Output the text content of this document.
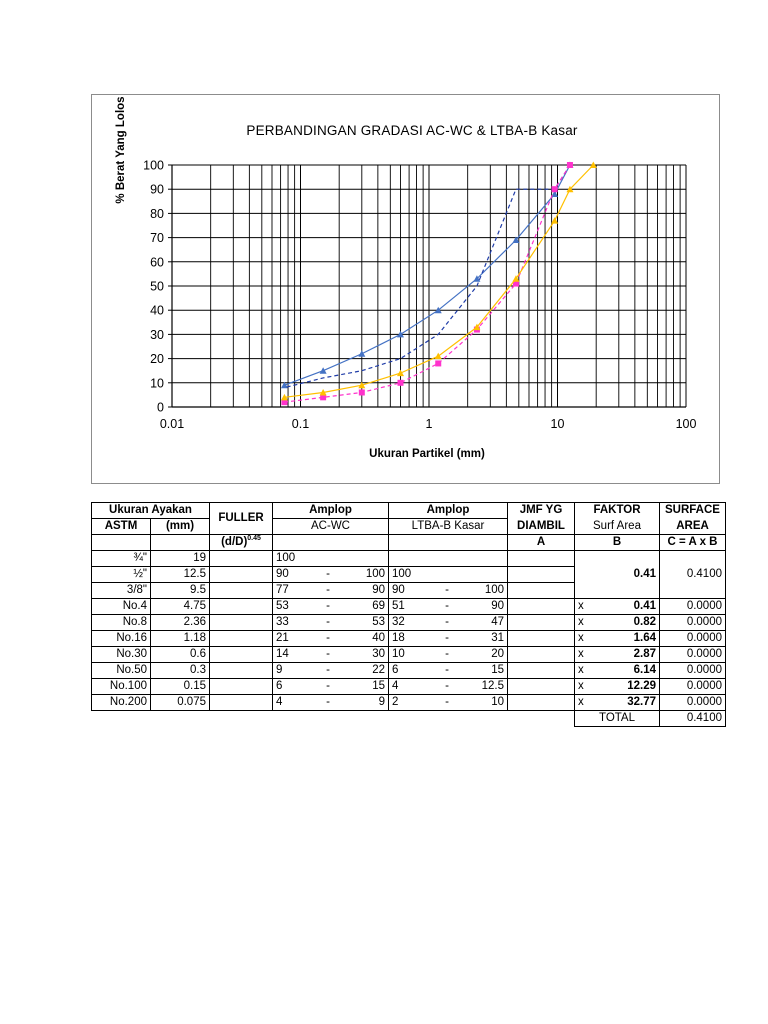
PERBANDINGAN GRADASI AC-WC & LTBA-B Kasar
% Berat Yang Lolos
Ukuran Partikel (mm)
0
10
20
30
40
50
60
70
80
90
100
0.01	0.1	1	10	100
Ukuran Ayakan		FULLER	Amplop			Amplop			JMF YG	FAKTOR	SURFACE
ASTM	(mm)		AC-WC			LTBA-B Kasar			DIAMBIL	Surf Area	AREA
		$(d/D)^{0.45}$							A	B	C = A x B
¾"	19		100							0.41	0.4100
½"	12.5		90	-	100	100					
3/8"	9.5		77	-	90	90	-	100			
No.4	4.75		53	-	69	51	-	90		x 0.41	0.0000
No.8	2.36		33	-	53	32	-	47		x 0.82	0.0000
No.16	1.18		21	-	40	18	-	31		x 1.64	0.0000
No.30	0.6		14	-	30	10	-	20		x 2.87	0.0000
No.50	0.3		9	-	22	6	-	15		x 6.14	0.0000
No.100	0.15		6	-	15	4	-	12.5		x 12.29	0.0000
No.200	0.075		4	-	9	2	-	10		x 32.77	0.0000
										TOTAL	0.4100
